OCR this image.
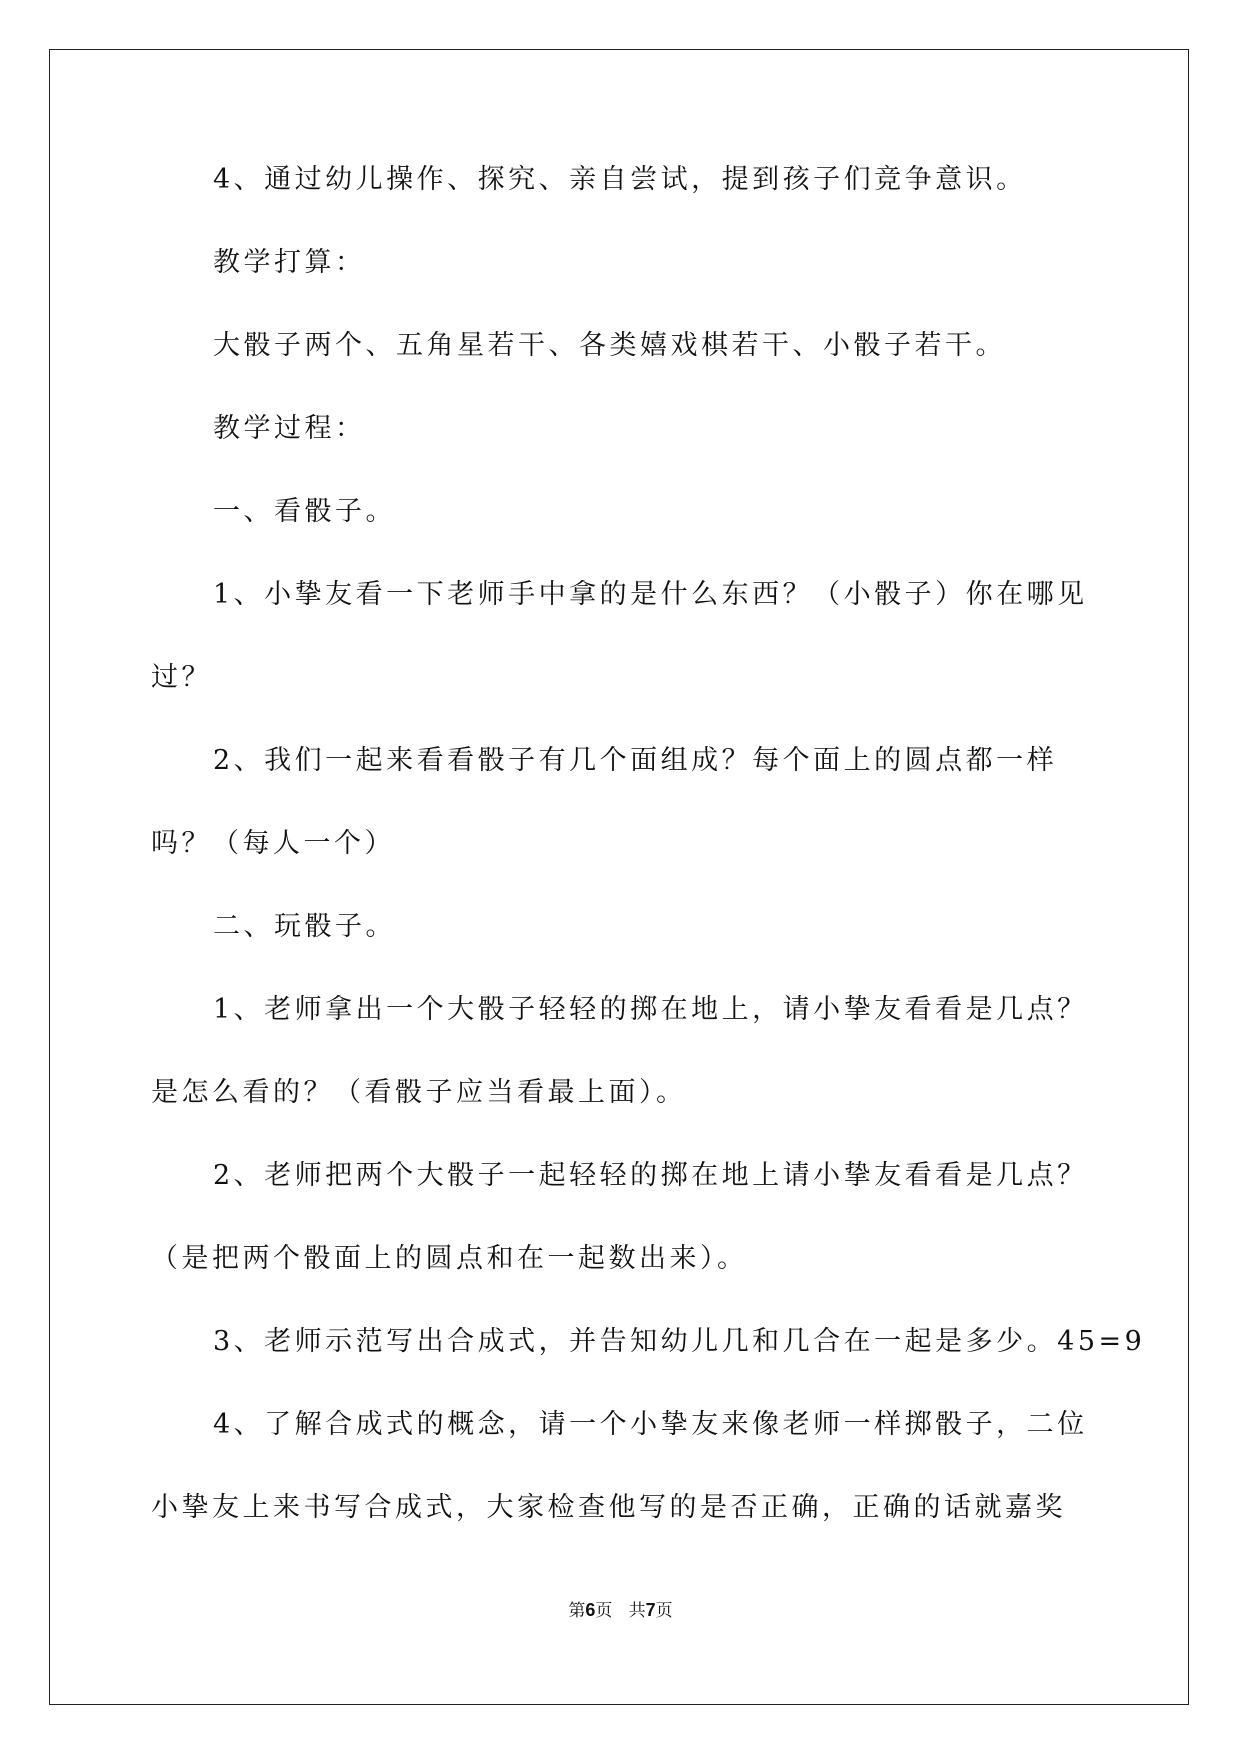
4、通过幼儿操作、探究、亲自尝试，提到孩子们竞争意识。
教学打算：
大骰子两个、五角星若干、各类嬉戏棋若干、小骰子若干。
教学过程：
一、看骰子。
1、小挚友看一下老师手中拿的是什么东西？（小骰子）你在哪见
过？
2、我们一起来看看骰子有几个面组成？每个面上的圆点都一样
吗？（每人一个）
二、玩骰子。
1、老师拿出一个大骰子轻轻的掷在地上，请小挚友看看是几点？
是怎么看的？（看骰子应当看最上面）。
2、老师把两个大骰子一起轻轻的掷在地上请小挚友看看是几点？
（是把两个骰面上的圆点和在一起数出来）。
3、老师示范写出合成式，并告知幼儿几和几合在一起是多少。45=9
4、了解合成式的概念，请一个小挚友来像老师一样掷骰子，二位
小挚友上来书写合成式，大家检查他写的是否正确，正确的话就嘉奖
第6页 共7页
